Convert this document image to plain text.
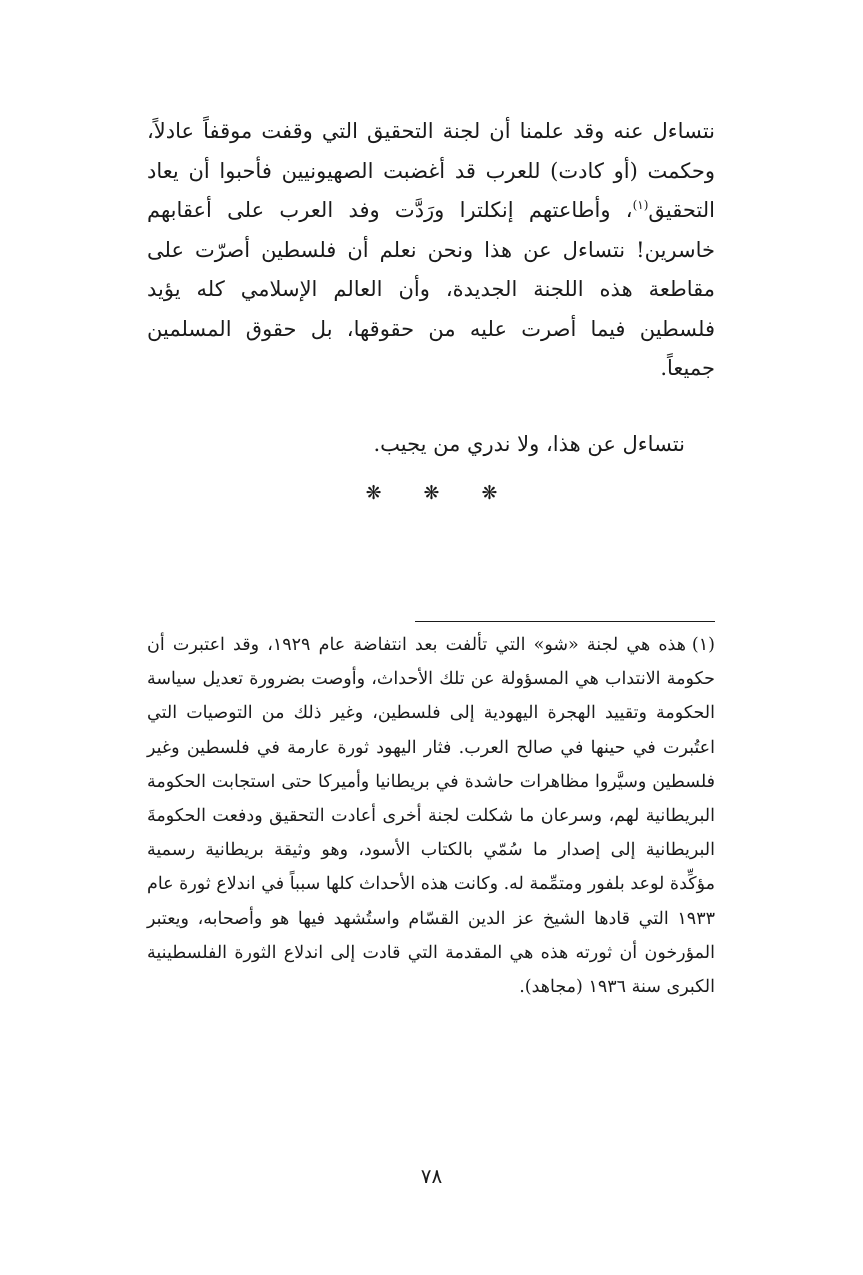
نتساءل عنه وقد علمنا أن لجنة التحقيق التي وقفت موقفاً عادلاً، وحكمت (أو كادت) للعرب قد أغضبت الصهيونيين فأحبوا أن يعاد التحقيق$^{(١)}$، وأطاعتهم إنكلترا ورَدَّت وفد العرب على أعقابهم خاسرين! نتساءل عن هذا ونحن نعلم أن فلسطين أصرّت على مقاطعة هذه اللجنة الجديدة، وأن العالم الإسلامي كله يؤيد فلسطين فيما أصرت عليه من حقوقها، بل حقوق المسلمين جميعاً.

نتساءل عن هذا، ولا ندري من يجيب.

❋ ❋ ❋

(١)هذه هي لجنة «شو» التي تألفت بعد انتفاضة عام ١٩٢٩، وقد اعتبرت أن حكومة الانتداب هي المسؤولة عن تلك الأحداث، وأوصت بضرورة تعديل سياسة الحكومة وتقييد الهجرة اليهودية إلى فلسطين، وغير ذلك من التوصيات التي اعتُبرت في حينها في صالح العرب. فثار اليهود ثورة عارمة في فلسطين وغير فلسطين وسيَّروا مظاهرات حاشدة في بريطانيا وأميركا حتى استجابت الحكومة البريطانية لهم، وسرعان ما شكلت لجنة أخرى أعادت التحقيق ودفعت الحكومةَ البريطانية إلى إصدار ما سُمّي بالكتاب الأسود، وهو وثيقة بريطانية رسمية مؤكِّدة لوعد بلفور ومتمِّمة له. وكانت هذه الأحداث كلها سبباً في اندلاع ثورة عام ١٩٣٣ التي قادها الشيخ عز الدين القسّام واستُشهد فيها هو وأصحابه، ويعتبر المؤرخون أن ثورته هذه هي المقدمة التي قادت إلى اندلاع الثورة الفلسطينية الكبرى سنة ١٩٣٦ (مجاهد).

٧٨
